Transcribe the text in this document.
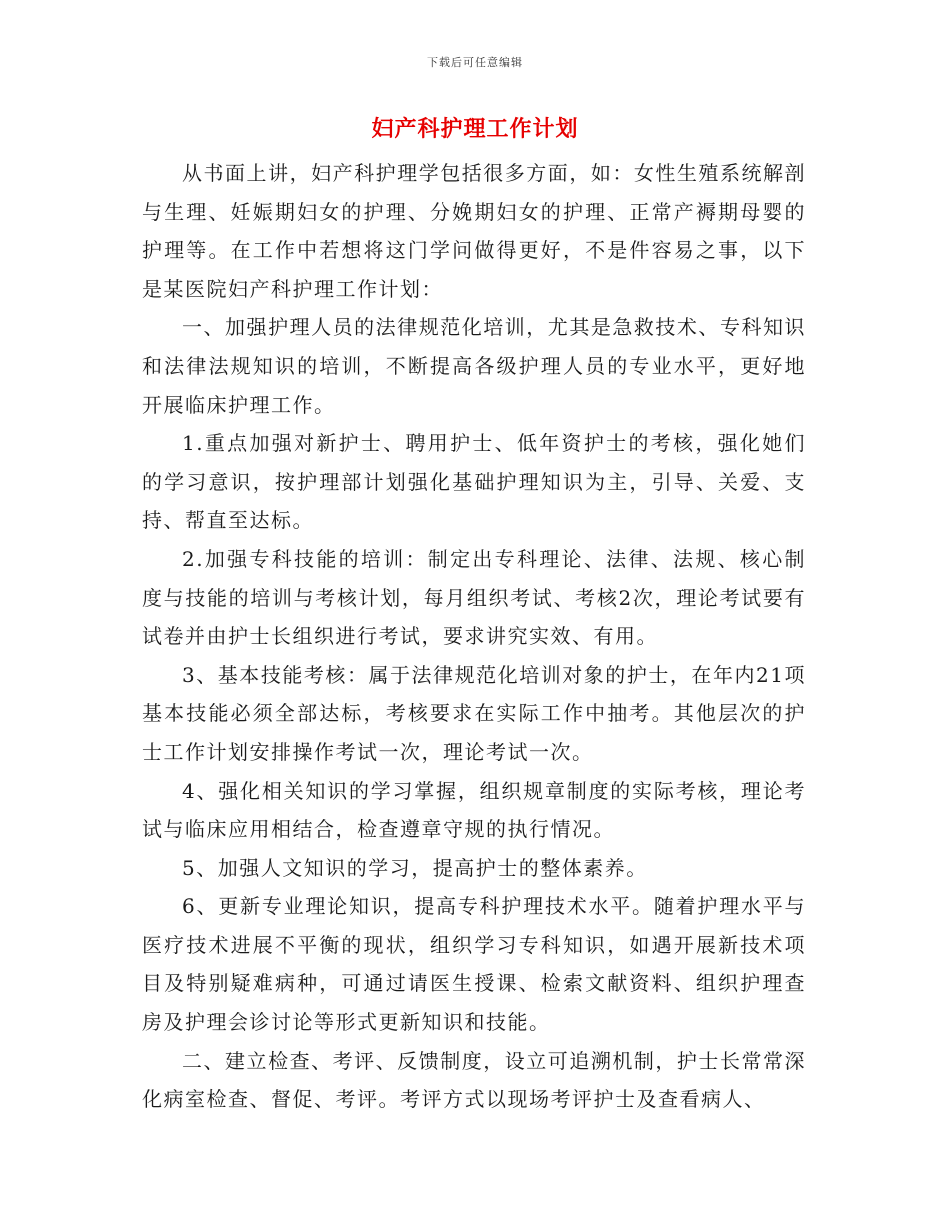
下载后可任意编辑
妇产科护理工作计划

从书面上讲，妇产科护理学包括很多方面，如：女性生殖系统解剖与生理、妊娠期妇女的护理、分娩期妇女的护理、正常产褥期母婴的护理等。在工作中若想将这门学问做得更好，不是件容易之事，以下是某医院妇产科护理工作计划：

一、加强护理人员的法律规范化培训，尤其是急救技术、专科知识和法律法规知识的培训，不断提高各级护理人员的专业水平，更好地开展临床护理工作。

1.重点加强对新护士、聘用护士、低年资护士的考核，强化她们的学习意识，按护理部计划强化基础护理知识为主，引导、关爱、支持、帮直至达标。

2.加强专科技能的培训：制定出专科理论、法律、法规、核心制度与技能的培训与考核计划，每月组织考试、考核2次，理论考试要有试卷并由护士长组织进行考试，要求讲究实效、有用。

3、基本技能考核：属于法律规范化培训对象的护士，在年内21项基本技能必须全部达标，考核要求在实际工作中抽考。其他层次的护士工作计划安排操作考试一次，理论考试一次。

4、强化相关知识的学习掌握，组织规章制度的实际考核，理论考试与临床应用相结合，检查遵章守规的执行情况。

5、加强人文知识的学习，提高护士的整体素养。

6、更新专业理论知识，提高专科护理技术水平。随着护理水平与医疗技术进展不平衡的现状，组织学习专科知识，如遇开展新技术项目及特别疑难病种，可通过请医生授课、检索文献资料、组织护理查房及护理会诊讨论等形式更新知识和技能。

二、建立检查、考评、反馈制度，设立可追溯机制，护士长常常深化病室检查、督促、考评。考评方式以现场考评护士及查看病人、
